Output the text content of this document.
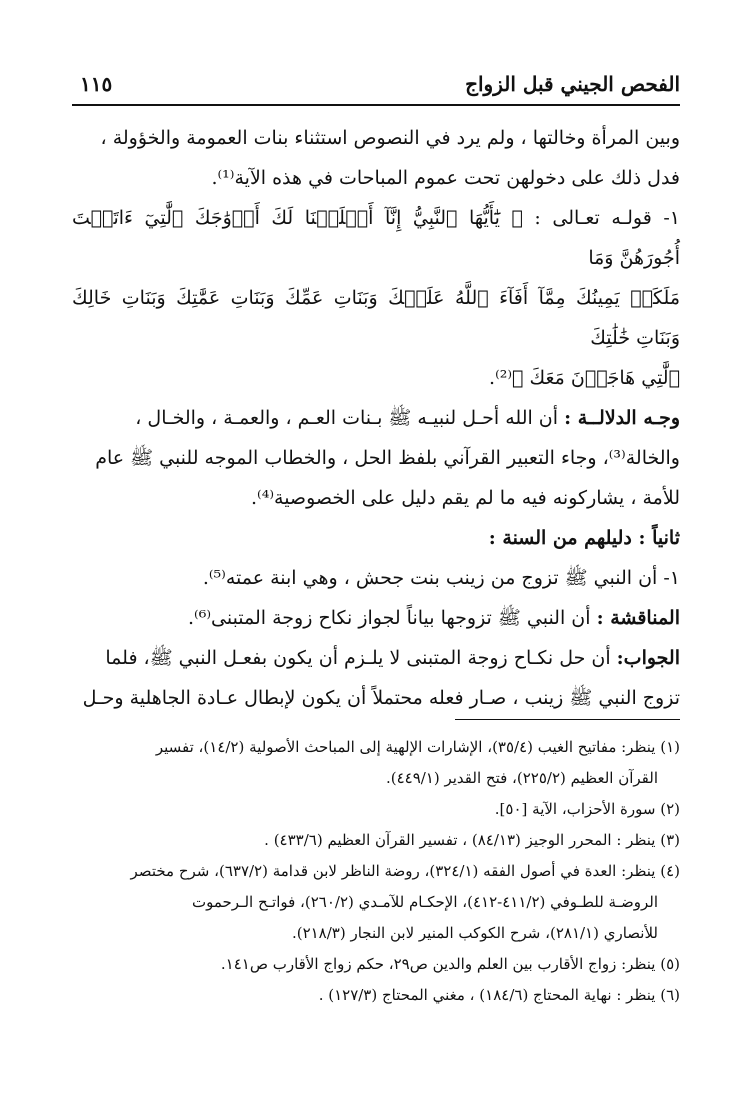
الفحص الجيني قبل الزواج
١١٥

وبين المرأة وخالتها ، ولم يرد في النصوص استثناء بنات العمومة والخؤولة ،

فدل ذلك على دخولهن تحت عموم المباحات في هذه الآية⁽¹⁾.

١- قولـه تعـالى : ﴿ يَٰٓأَيُّهَا ٱلنَّبِيُّ إِنَّآ أَحۡلَلۡنَا لَكَ أَزۡوَٰجَكَ ٱلَّٰتِيٓ ءَاتَيۡتَ أُجُورَهُنَّ وَمَا

مَلَكَتۡ يَمِينُكَ مِمَّآ أَفَآءَ ٱللَّهُ عَلَيۡكَ وَبَنَاتِ عَمِّكَ وَبَنَاتِ عَمَّٰتِكَ وَبَنَاتِ خَالِكَ وَبَنَاتِ خَٰلَٰتِكَ

ٱلَّٰتِي هَاجَرۡنَ مَعَكَ ﴾⁽²⁾.

وجـه الدلالــة : أن الله أحـل لنبيـه ﷺ بـنات العـم ، والعمـة ، والخـال ،

والخالة⁽³⁾، وجاء التعبير القرآني بلفظ الحل ، والخطاب الموجه للنبي ﷺ عام

للأمة ، يشاركونه فيه ما لم يقم دليل على الخصوصية⁽⁴⁾.

ثانياً : دليلهم من السنة :

١- أن النبي ﷺ تزوج من زينب بنت جحش ، وهي ابنة عمته⁽⁵⁾.

المناقشة : أن النبي ﷺ تزوجها بياناً لجواز نكاح زوجة المتبنى⁽⁶⁾.

الجواب: أن حل نكـاح زوجة المتبنى لا يلـزم أن يكون بفعـل النبي ﷺ، فلما

تزوج النبي ﷺ زينب ، صـار فعله محتملاً أن يكون لإبطال عـادة الجاهلية وحـل

(١) ينظر: مفاتيح الغيب (٣٥/٤)، الإشارات الإلهية إلى المباحث الأصولية (١٤/٢)، تفسير

القرآن العظيم (٢٢٥/٢)، فتح القدير (٤٤٩/١).

(٢) سورة الأحزاب، الآية [٥٠].

(٣) ينظر : المحرر الوجيز (٨٤/١٣) ، تفسير القرآن العظيم (٤٣٣/٦) .

(٤) ينظر: العدة في أصول الفقه (٣٢٤/١)، روضة الناظر لابن قدامة (٦٣٧/٢)، شرح مختصر

الروضـة للطـوفي (٤١١/٢-٤١٢)، الإحكـام للآمـدي (٢٦٠/٢)، فواتـح الـرحموت

للأنصاري (٢٨١/١)، شرح الكوكب المنير لابن النجار (٢١٨/٣).

(٥) ينظر: زواج الأقارب بين العلم والدين ص٢٩، حكم زواج الأقارب ص١٤١.

(٦) ينظر : نهاية المحتاج (١٨٤/٦) ، مغني المحتاج (١٢٧/٣) .
